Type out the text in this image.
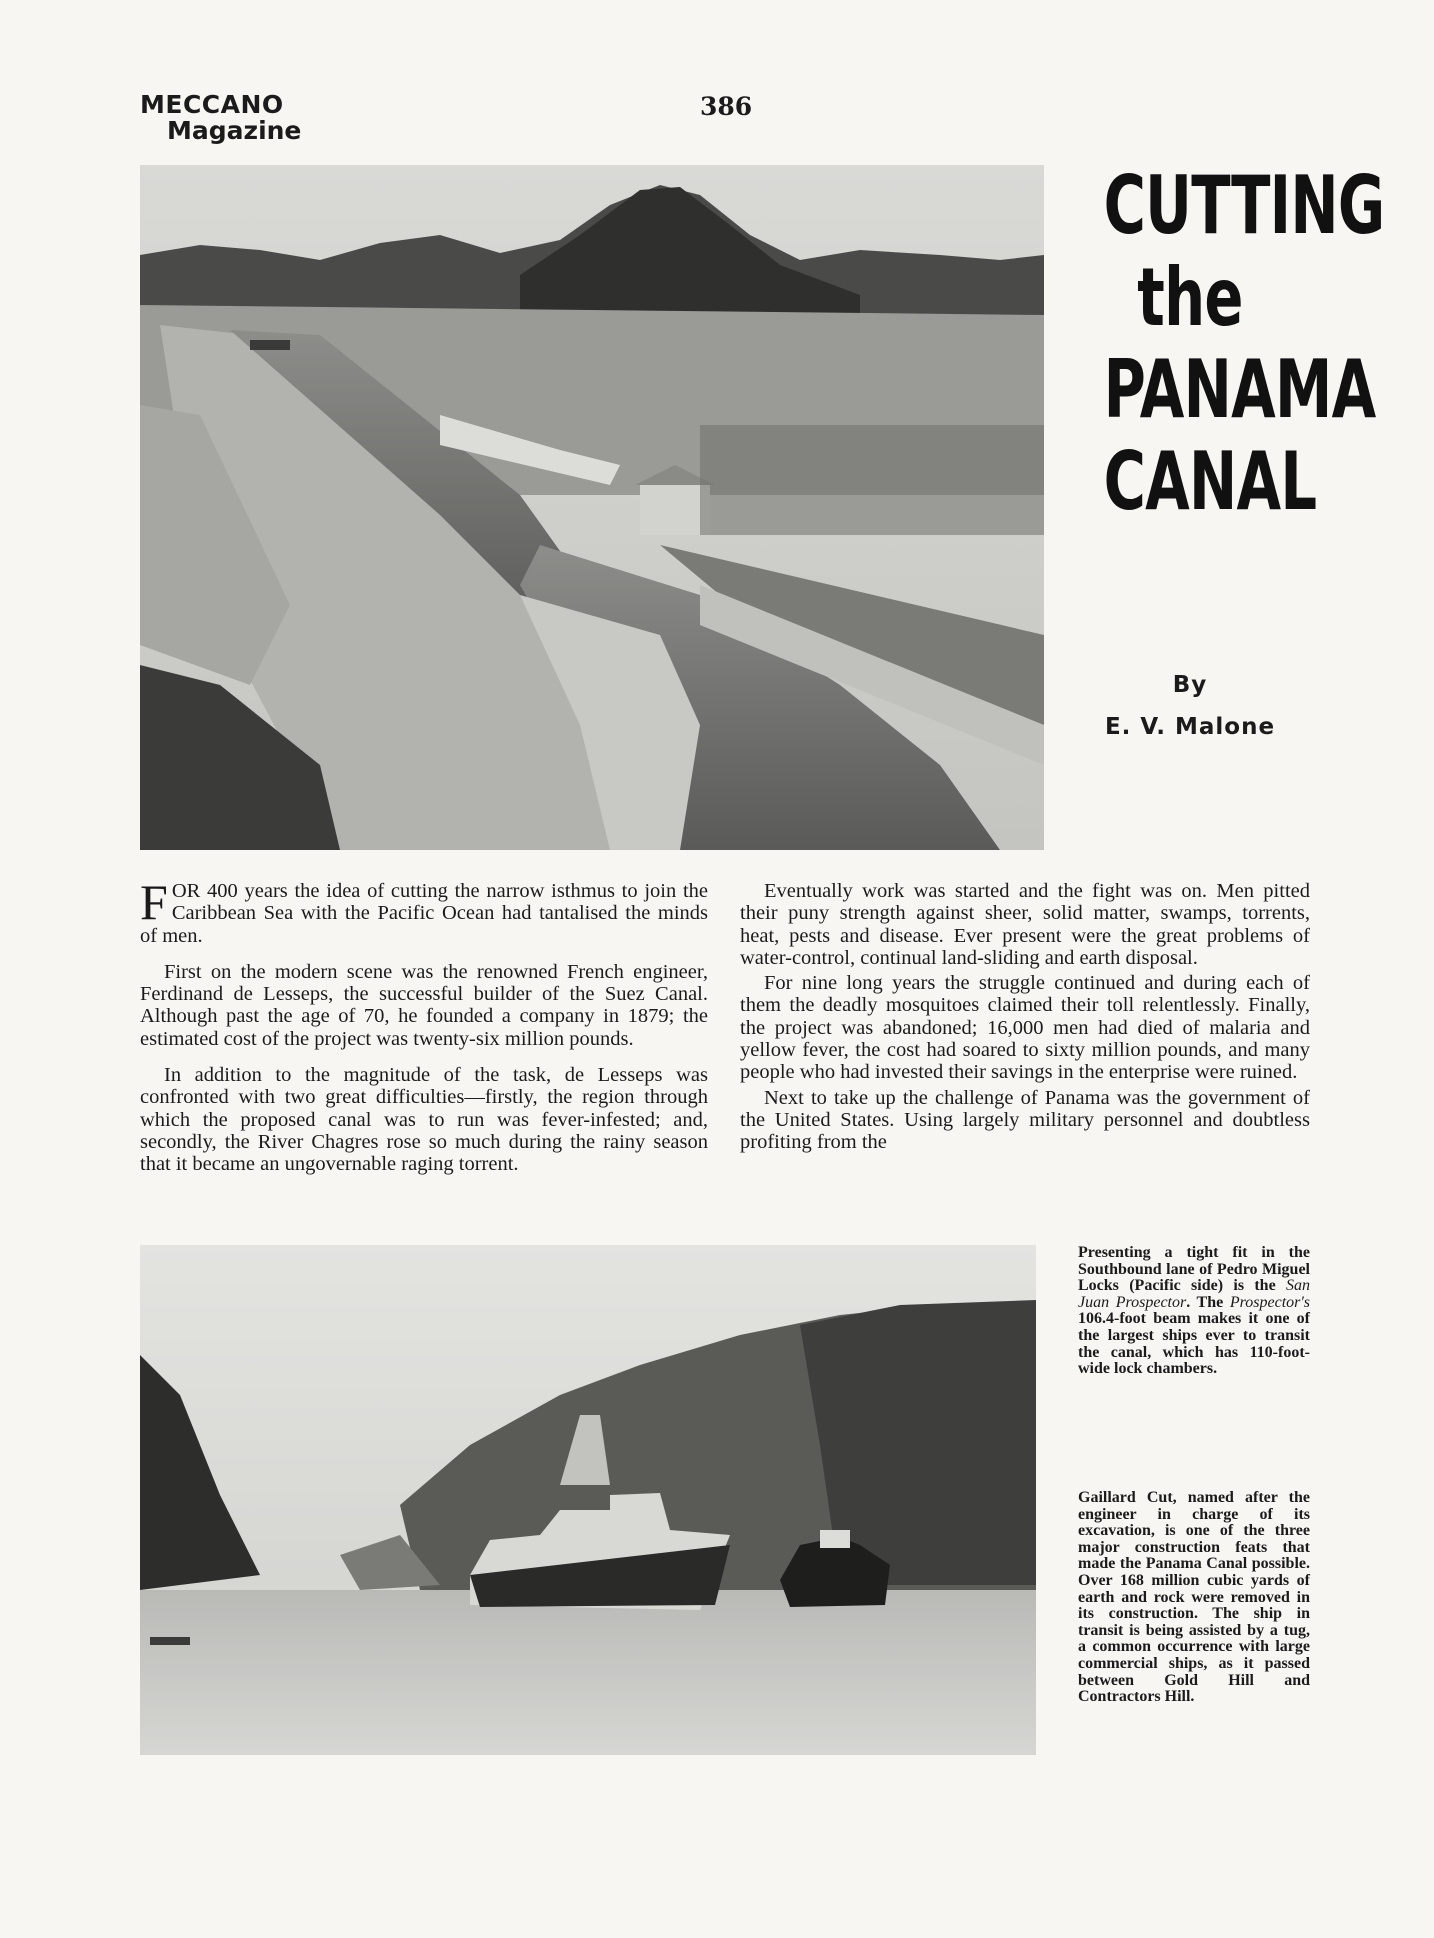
MECCANO
Magazine
386
CUTTING
the
PANAMA
CANAL
By
E. V. Malone

FOR 400 years the idea of cutting the narrow isthmus to join the Caribbean Sea with the Pacific Ocean had tantalised the minds of men.

First on the modern scene was the renowned French engineer, Ferdinand de Lesseps, the successful builder of the Suez Canal. Although past the age of 70, he founded a company in 1879; the estimated cost of the project was twenty-six million pounds.

In addition to the magnitude of the task, de Lesseps was confronted with two great difficulties—firstly, the region through which the proposed canal was to run was fever-infested; and, secondly, the River Chagres rose so much during the rainy season that it became an ungovernable raging torrent.

Eventually work was started and the fight was on. Men pitted their puny strength against sheer, solid matter, swamps, torrents, heat, pests and disease. Ever present were the great problems of water-control, continual land-sliding and earth disposal.

For nine long years the struggle continued and during each of them the deadly mosquitoes claimed their toll relentlessly. Finally, the project was abandoned; 16,000 men had died of malaria and yellow fever, the cost had soared to sixty million pounds, and many people who had invested their savings in the enterprise were ruined.

Next to take up the challenge of Panama was the government of the United States. Using largely military personnel and doubtless profiting from the

Presenting a tight fit in the Southbound lane of Pedro Miguel Locks (Pacific side) is the San Juan Prospector. The Prospector's 106.4-foot beam makes it one of the largest ships ever to transit the canal, which has 110-foot-wide lock chambers.
Gaillard Cut, named after the engineer in charge of its excavation, is one of the three major construction feats that made the Panama Canal possible. Over 168 million cubic yards of earth and rock were removed in its construction. The ship in transit is being assisted by a tug, a common occurrence with large commercial ships, as it passed between Gold Hill and Contractors Hill.
